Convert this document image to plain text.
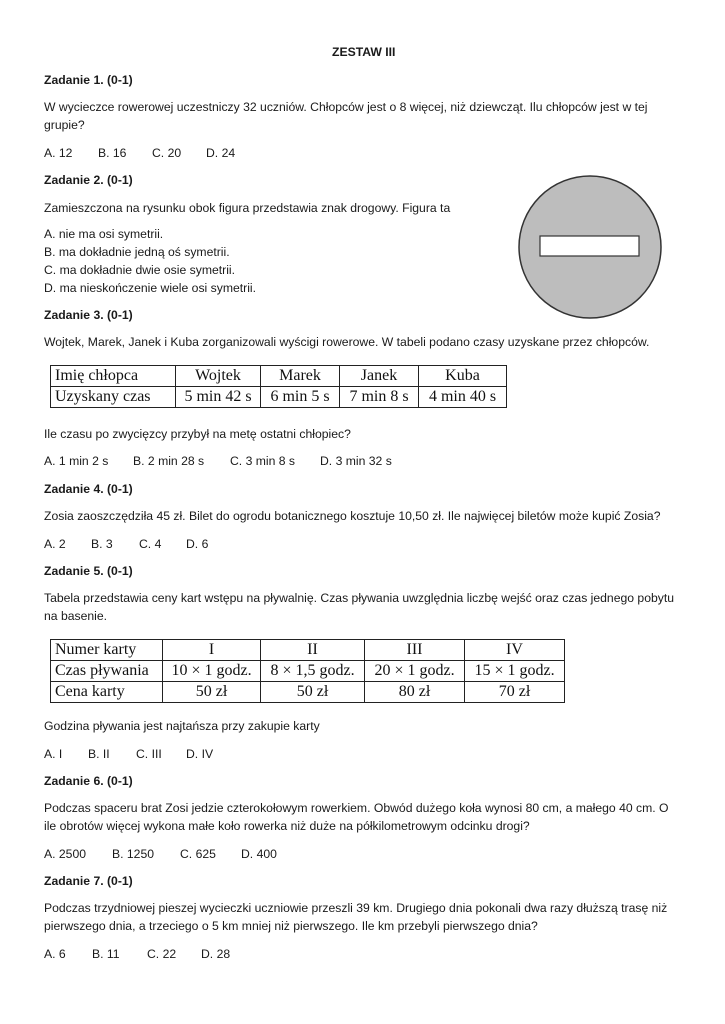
ZESTAW III
Zadanie 1. (0-1)
W wycieczce rowerowej uczestniczy 32 uczniów. Chłopców jest o 8 więcej, niż dziewcząt. Ilu chłopców jest w tej grupie?
A. 12 B. 16 C. 20 D. 24
Zadanie 2. (0-1)
Zamieszczona na rysunku obok figura przedstawia znak drogowy. Figura ta
A. nie ma osi symetrii.
B. ma dokładnie jedną oś symetrii.
C. ma dokładnie dwie osie symetrii.
D. ma nieskończenie wiele osi symetrii.
Zadanie 3. (0-1)
Wojtek, Marek, Janek i Kuba zorganizowali wyścigi rowerowe. W tabeli podano czasy uzyskane przez chłopców.
Imię chłopca	Wojtek	Marek	Janek	Kuba
Uzyskany czas	5 min 42 s	6 min 5 s	7 min 8 s	4 min 40 s
Ile czasu po zwycięzcy przybył na metę ostatni chłopiec?
A. 1 min 2 s B. 2 min 28 s C. 3 min 8 s D. 3 min 32 s
Zadanie 4. (0-1)
Zosia zaoszczędziła 45 zł. Bilet do ogrodu botanicznego kosztuje 10,50 zł. Ile najwięcej biletów może kupić Zosia?
A. 2 B. 3 C. 4 D. 6
Zadanie 5. (0-1)
Tabela przedstawia ceny kart wstępu na pływalnię. Czas pływania uwzględnia liczbę wejść oraz czas jednego pobytu na basenie.
Numer karty	I	II	III	IV
Czas pływania	10 × 1 godz.	8 × 1,5 godz.	20 × 1 godz.	15 × 1 godz.
Cena karty	50 zł	50 zł	80 zł	70 zł
Godzina pływania jest najtańsza przy zakupie karty
A. I B. II C. III D. IV
Zadanie 6. (0-1)
Podczas spaceru brat Zosi jedzie czterokołowym rowerkiem. Obwód dużego koła wynosi 80 cm, a małego 40 cm. O ile obrotów więcej wykona małe koło rowerka niż duże na półkilometrowym odcinku drogi?
A. 2500 B. 1250 C. 625 D. 400
Zadanie 7. (0-1)
Podczas trzydniowej pieszej wycieczki uczniowie przeszli 39 km. Drugiego dnia pokonali dwa razy dłuższą trasę niż pierwszego dnia, a trzeciego o 5 km mniej niż pierwszego. Ile km przebyli pierwszego dnia?
A. 6 B. 11 C. 22 D. 28
